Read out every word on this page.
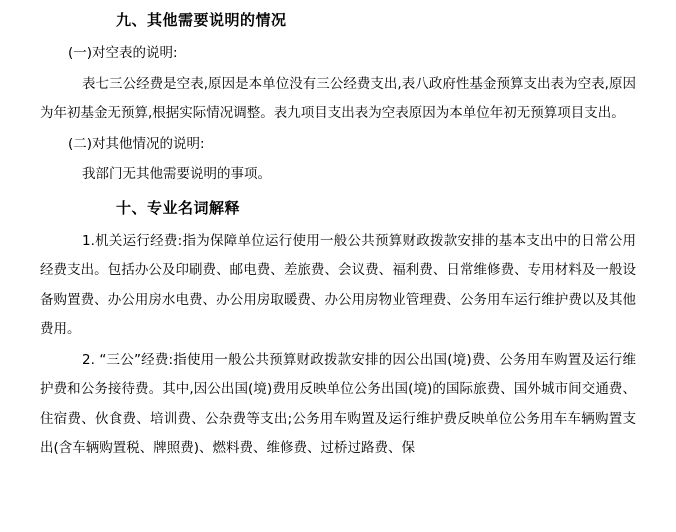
九、其他需要说明的情况

(一)对空表的说明:

表七三公经费是空表,原因是本单位没有三公经费支出,表八政府性基金预算支出表为空表,原因为年初基金无预算,根据实际情况调整。表九项目支出表为空表原因为本单位年初无预算项目支出。

(二)对其他情况的说明:

我部门无其他需要说明的事项。

十、专业名词解释

1.机关运行经费:指为保障单位运行使用一般公共预算财政拨款安排的基本支出中的日常公用经费支出。包括办公及印刷费、邮电费、差旅费、会议费、福利费、日常维修费、专用材料及一般设备购置费、办公用房水电费、办公用房取暖费、办公用房物业管理费、公务用车运行维护费以及其他费用。

2. “三公”经费:指使用一般公共预算财政拨款安排的因公出国(境)费、公务用车购置及运行维护费和公务接待费。其中,因公出国(境)费用反映单位公务出国(境)的国际旅费、国外城市间交通费、住宿费、伙食费、培训费、公杂费等支出;公务用车购置及运行维护费反映单位公务用车车辆购置支出(含车辆购置税、牌照费)、燃料费、维修费、过桥过路费、保
